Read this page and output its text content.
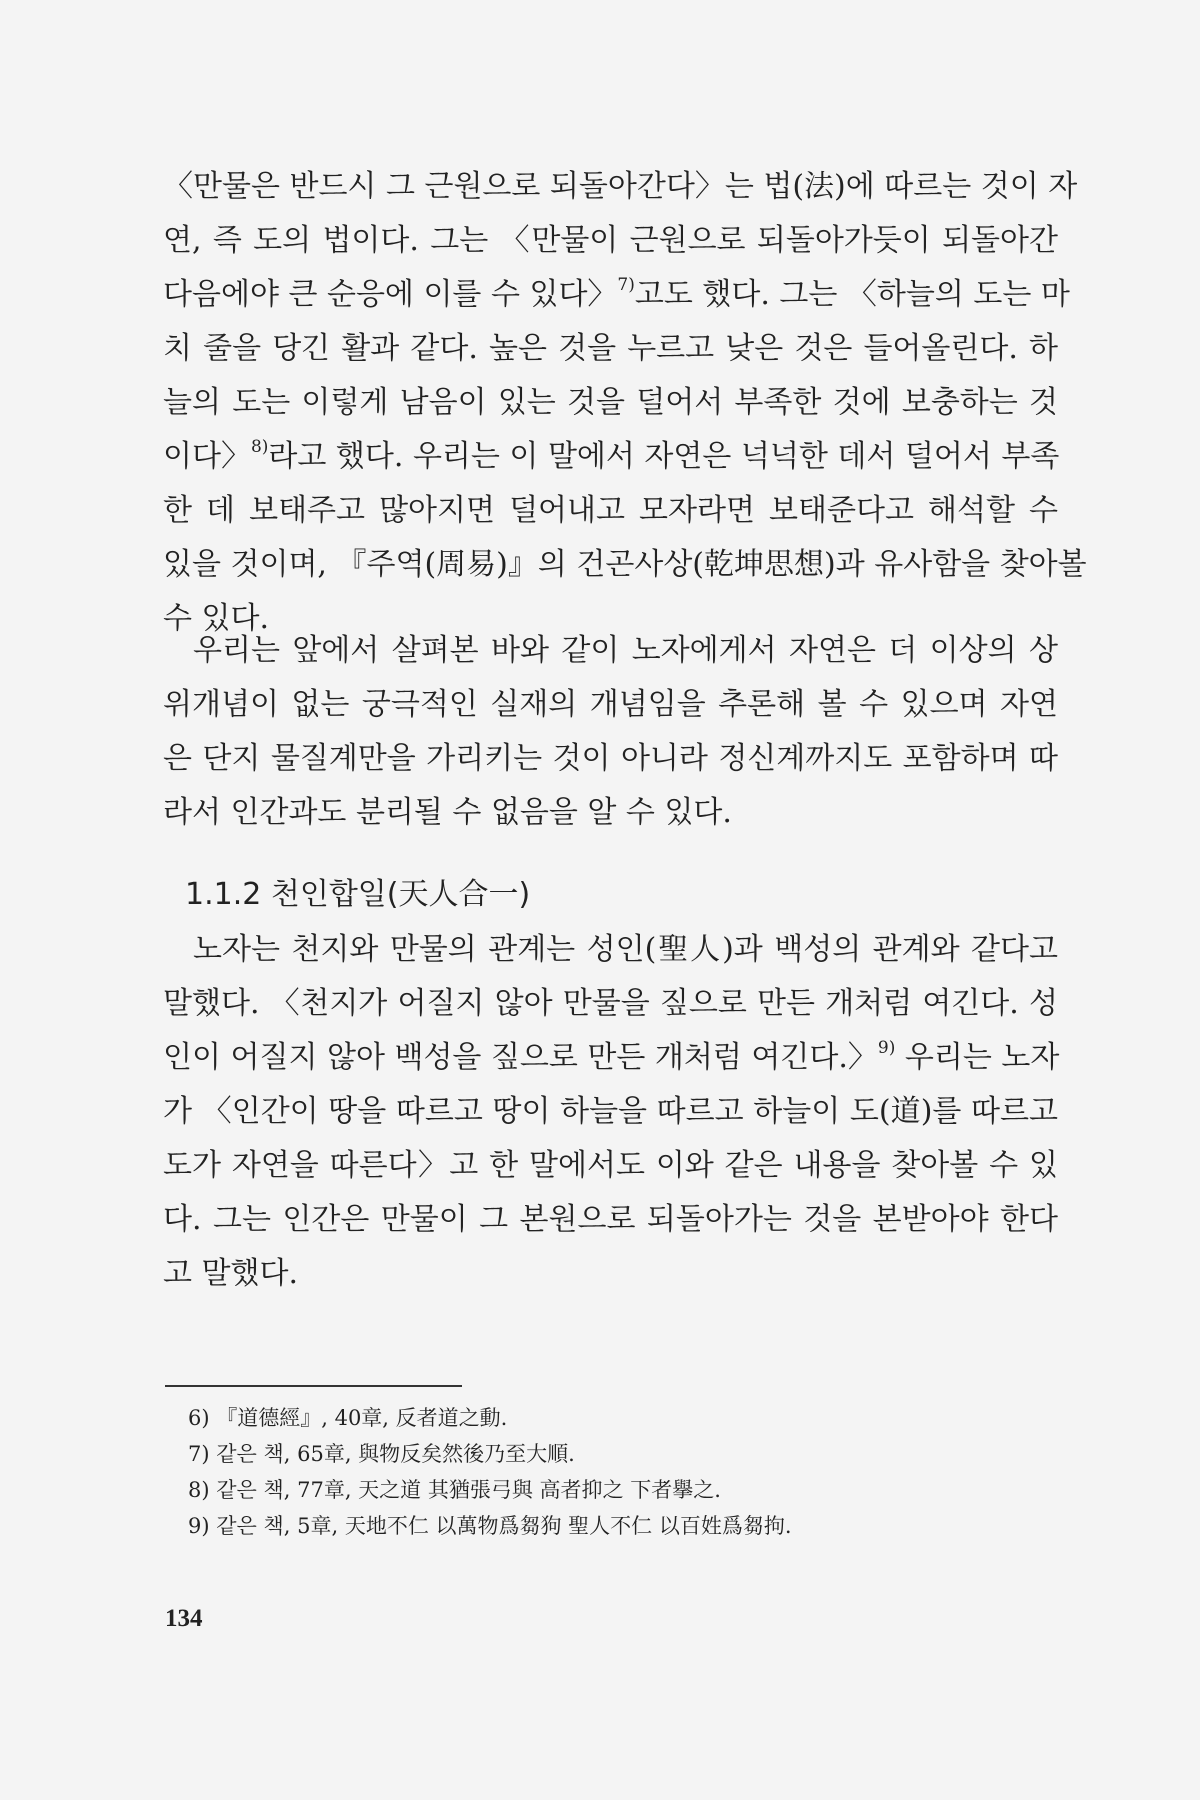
〈만물은 반드시 그 근원으로 되돌아간다〉는 법(法)에 따르는 것이 자
연, 즉 도의 법이다. 그는 〈만물이 근원으로 되돌아가듯이 되돌아간
다음에야 큰 순응에 이를 수 있다〉$^{7)}$고도 했다. 그는 〈하늘의 도는 마
치 줄을 당긴 활과 같다. 높은 것을 누르고 낮은 것은 들어올린다. 하
늘의 도는 이렇게 남음이 있는 것을 덜어서 부족한 것에 보충하는 것
이다〉$^{8)}$라고 했다. 우리는 이 말에서 자연은 넉넉한 데서 덜어서 부족
한 데 보태주고 많아지면 덜어내고 모자라면 보태준다고 해석할 수
있을 것이며, 『주역(周易)』의 건곤사상(乾坤思想)과 유사함을 찾아볼
수 있다.
우리는 앞에서 살펴본 바와 같이 노자에게서 자연은 더 이상의 상
위개념이 없는 궁극적인 실재의 개념임을 추론해 볼 수 있으며 자연
은 단지 물질계만을 가리키는 것이 아니라 정신계까지도 포함하며 따
라서 인간과도 분리될 수 없음을 알 수 있다.
1.1.2 천인합일(天人合一)
노자는 천지와 만물의 관계는 성인(聖人)과 백성의 관계와 같다고
말했다. 〈천지가 어질지 않아 만물을 짚으로 만든 개처럼 여긴다. 성
인이 어질지 않아 백성을 짚으로 만든 개처럼 여긴다.〉$^{9)}$ 우리는 노자
가 〈인간이 땅을 따르고 땅이 하늘을 따르고 하늘이 도(道)를 따르고
도가 자연을 따른다〉고 한 말에서도 이와 같은 내용을 찾아볼 수 있
다. 그는 인간은 만물이 그 본원으로 되돌아가는 것을 본받아야 한다
고 말했다.
6) 『道德經』, 40章, 反者道之動.
7) 같은 책, 65章, 與物反矣然後乃至大順.
8) 같은 책, 77章, 天之道 其猶張弓與 高者抑之 下者擧之.
9) 같은 책, 5章, 天地不仁 以萬物爲芻狗 聖人不仁 以百姓爲芻拘.
134
